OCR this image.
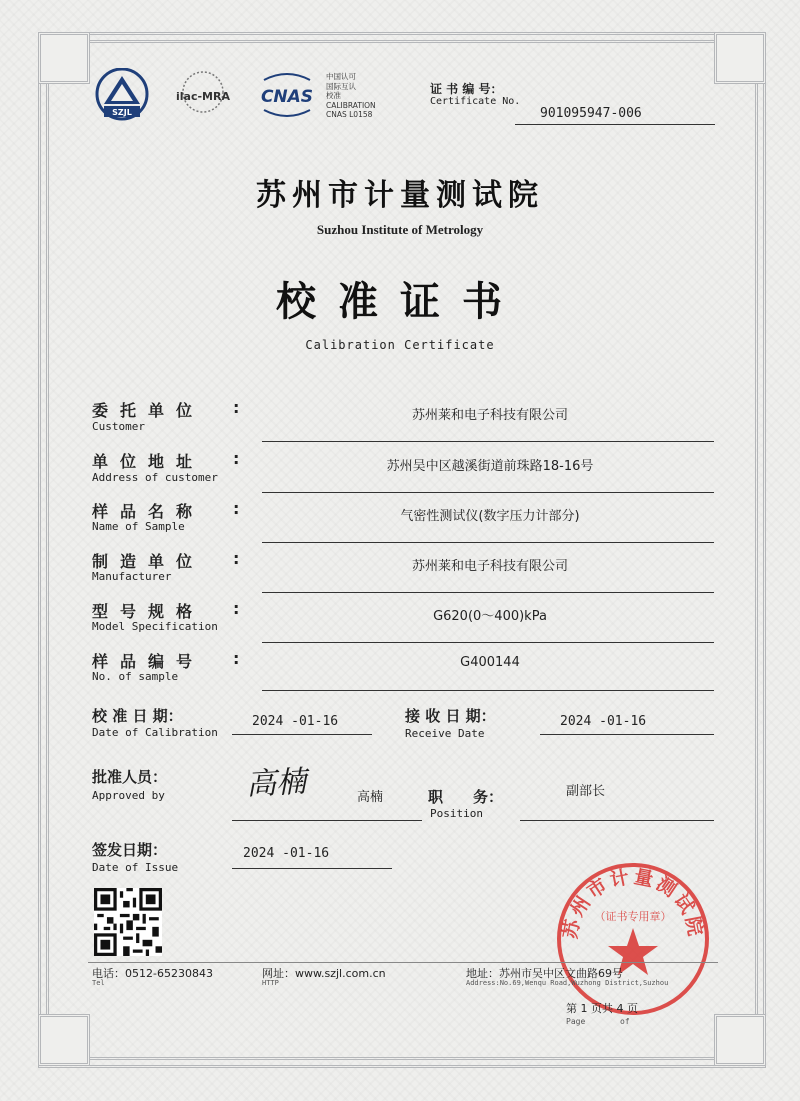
SZJL
ilac-MRA CNAS
中国认可
国际互认
校准
CALIBRATION
CNAS L0158
证 书 编 号：
Certificate No.
901095947-006
苏州市计量测试院
Suzhou Institute of Metrology
校准证书
Calibration Certificate
委托单位 :
Customer
苏州莱和电子科技有限公司
单位地址 :
Address of customer
苏州吴中区越溪街道前珠路18-16号
样品名称 :
Name of Sample
气密性测试仪(数字压力计部分)
制造单位 :
Manufacturer
苏州莱和电子科技有限公司
型号规格 :
Model Specification
G620(0～400)kPa
样品编号 :
No. of sample
G400144
校 准 日 期：
Date of Calibration
2024 -01-16	接 收 日 期：
Receive Date
2024 -01-16
批准人员：
Approved by	高楠	高楠	职　　务：
Position
副部长
签发日期：
Date of Issue
2024 -01-16
苏州市计量测试院
（证书专用章）
电话：0512-65230843
Tel
网址：www.szjl.com.cn
HTTP
地址：苏州市吴中区文曲路69号
Address:No.69,Wenqu Road,Wuzhong District,Suzhou
第 1 页共 4 页
Page	of
